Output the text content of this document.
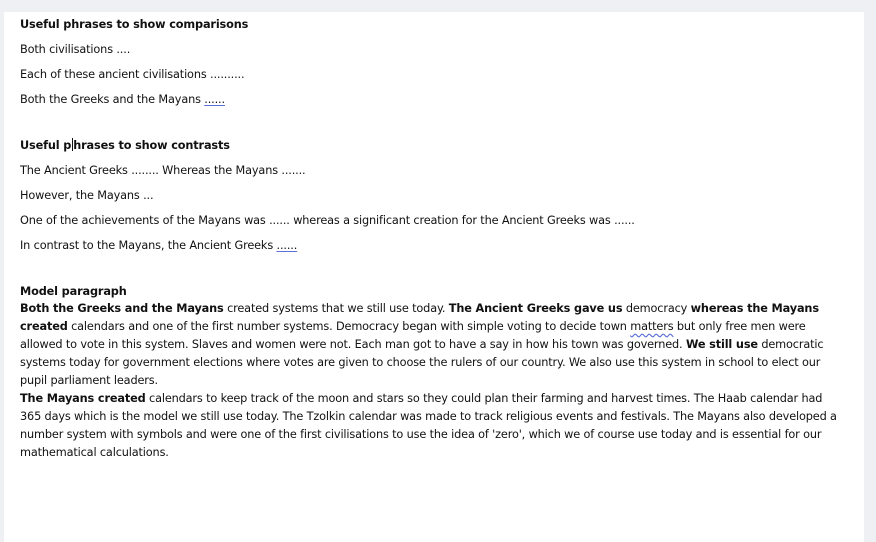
Useful phrases to show comparisons

Both civilisations ....

Each of these ancient civilisations ..........

Both the Greeks and the Mayans ......

Useful p hrases to show contrasts

The Ancient Greeks ........ Whereas the Mayans .......

However, the Mayans ...

One of the achievements of the Mayans was ...... whereas a significant creation for the Ancient Greeks was ......

In contrast to the Mayans, the Ancient Greeks ......

Model paragraph

Both the Greeks and the Mayans created systems that we still use today. The Ancient Greeks gave us democracy whereas the Mayans created calendars and one of the first number systems. Democracy began with simple voting to decide town matters but only free men were allowed to vote in this system. Slaves and women were not. Each man got to have a say in how his town was governed. We still use democratic systems today for government elections where votes are given to choose the rulers of our country. We also use this system in school to elect our pupil parliament leaders.

The Mayans created calendars to keep track of the moon and stars so they could plan their farming and harvest times. The Haab calendar had 365 days which is the model we still use today. The Tzolkin calendar was made to track religious events and festivals. The Mayans also developed a number system with symbols and were one of the first civilisations to use the idea of 'zero', which we of course use today and is essential for our mathematical calculations.
